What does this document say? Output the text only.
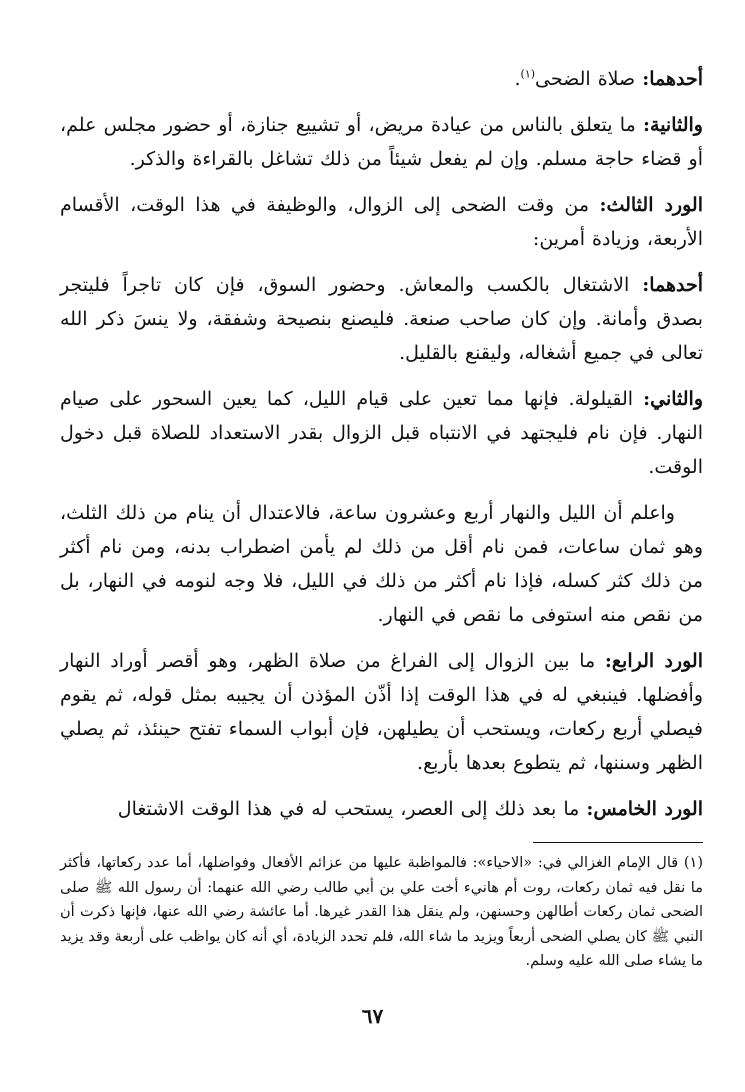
أحدهما: صلاة الضحى$^{(١)}$.

والثانية: ما يتعلق بالناس من عيادة مريض، أو تشييع جنازة، أو حضور مجلس علم، أو قضاء حاجة مسلم. وإن لم يفعل شيئاً من ذلك تشاغل بالقراءة والذكر.

الورد الثالث: من وقت الضحى إلى الزوال، والوظيفة في هذا الوقت، الأقسام الأربعة، وزيادة أمرين:

أحدهما: الاشتغال بالكسب والمعاش. وحضور السوق، فإن كان تاجراً فليتجر بصدق وأمانة. وإن كان صاحب صنعة. فليصنع بنصيحة وشفقة، ولا ينسَ ذكر الله تعالى في جميع أشغاله، وليقنع بالقليل.

والثاني: القيلولة. فإنها مما تعين على قيام الليل، كما يعين السحور على صيام النهار. فإن نام فليجتهد في الانتباه قبل الزوال بقدر الاستعداد للصلاة قبل دخول الوقت.

واعلم أن الليل والنهار أربع وعشرون ساعة، فالاعتدال أن ينام من ذلك الثلث، وهو ثمان ساعات، فمن نام أقل من ذلك لم يأمن اضطراب بدنه، ومن نام أكثر من ذلك كثر كسله، فإذا نام أكثر من ذلك في الليل، فلا وجه لنومه في النهار، بل من نقص منه استوفى ما نقص في النهار.

الورد الرابع: ما بين الزوال إلى الفراغ من صلاة الظهر، وهو أقصر أوراد النهار وأفضلها. فينبغي له في هذا الوقت إذا أذّن المؤذن أن يجيبه بمثل قوله، ثم يقوم فيصلي أربع ركعات، ويستحب أن يطيلهن، فإن أبواب السماء تفتح حينئذ، ثم يصلي الظهر وسننها، ثم يتطوع بعدها بأربع.

الورد الخامس: ما بعد ذلك إلى العصر، يستحب له في هذا الوقت الاشتغال

(١) قال الإمام الغزالي في: «الاحياء»: فالمواظبة عليها من عزائم الأفعال وفواضلها، أما عدد ركعاتها، فأكثر ما نقل فيه ثمان ركعات، روت أم هانيء أخت علي بن أبي طالب رضي الله عنهما: أن رسول الله ﷺ صلى الضحى ثمان ركعات أطالهن وحسنهن، ولم ينقل هذا القدر غيرها. أما عائشة رضي الله عنها، فإنها ذكرت أن النبي ﷺ كان يصلي الضحى أربعاً ويزيد ما شاء الله، فلم تحدد الزيادة، أي أنه كان يواظب على أربعة وقد يزيد ما يشاء صلى الله عليه وسلم.

٦٧
